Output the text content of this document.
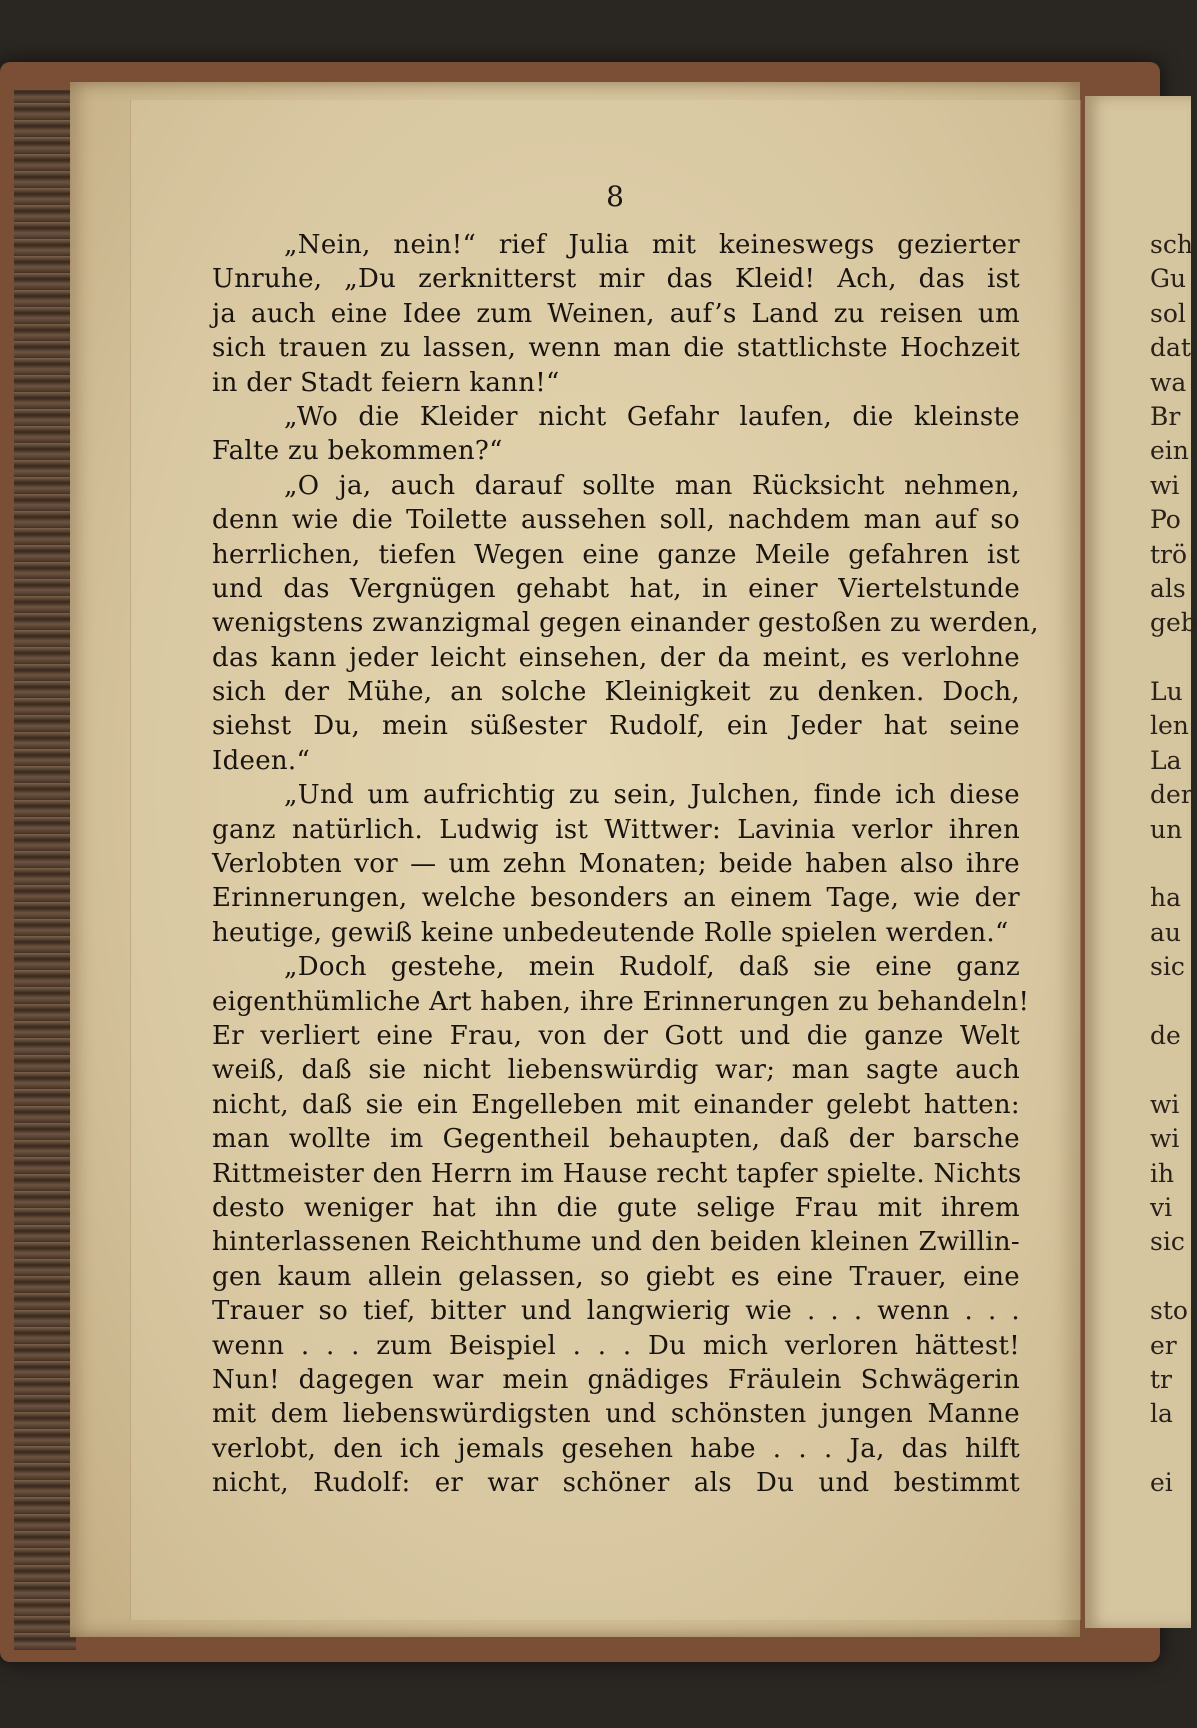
8
„Nein, nein!“ rief Julia mit keineswegs gezierter
Unruhe, „Du zerknitterst mir das Kleid! Ach, das ist
ja auch eine Idee zum Weinen, auf’s Land zu reisen um
sich trauen zu lassen, wenn man die stattlichste Hochzeit
in der Stadt feiern kann!“
„Wo die Kleider nicht Gefahr laufen, die kleinste
Falte zu bekommen?“
„O ja, auch darauf sollte man Rücksicht nehmen,
denn wie die Toilette aussehen soll, nachdem man auf so
herrlichen, tiefen Wegen eine ganze Meile gefahren ist
und das Vergnügen gehabt hat, in einer Viertelstunde
wenigstens zwanzigmal gegen einander gestoßen zu werden,
das kann jeder leicht einsehen, der da meint, es verlohne
sich der Mühe, an solche Kleinigkeit zu denken. Doch,
siehst Du, mein süßester Rudolf, ein Jeder hat seine
Ideen.“
„Und um aufrichtig zu sein, Julchen, finde ich diese
ganz natürlich. Ludwig ist Wittwer: Lavinia verlor ihren
Verlobten vor — um zehn Monaten; beide haben also ihre
Erinnerungen, welche besonders an einem Tage, wie der
heutige, gewiß keine unbedeutende Rolle spielen werden.“
„Doch gestehe, mein Rudolf, daß sie eine ganz
eigenthümliche Art haben, ihre Erinnerungen zu behandeln!
Er verliert eine Frau, von der Gott und die ganze Welt
weiß, daß sie nicht liebenswürdig war; man sagte auch
nicht, daß sie ein Engelleben mit einander gelebt hatten:
man wollte im Gegentheil behaupten, daß der barsche
Rittmeister den Herrn im Hause recht tapfer spielte. Nichts
desto weniger hat ihn die gute selige Frau mit ihrem
hinterlassenen Reichthume und den beiden kleinen Zwillin-
gen kaum allein gelassen, so giebt es eine Trauer, eine
Trauer so tief, bitter und langwierig wie . . . wenn . . .
wenn . . . zum Beispiel . . . Du mich verloren hättest!
Nun! dagegen war mein gnädiges Fräulein Schwägerin
mit dem liebenswürdigsten und schönsten jungen Manne
verlobt, den ich jemals gesehen habe . . . Ja, das hilft
nicht, Rudolf: er war schöner als Du und bestimmt
sch
Gu
sol
dat
wa
Br
ein
wi
Po
trö
als
geb
Lu
len
La
der
un
ha
au
sic
de
wi
wi
ih
vi
sic
sto
er
tr
la
ei
